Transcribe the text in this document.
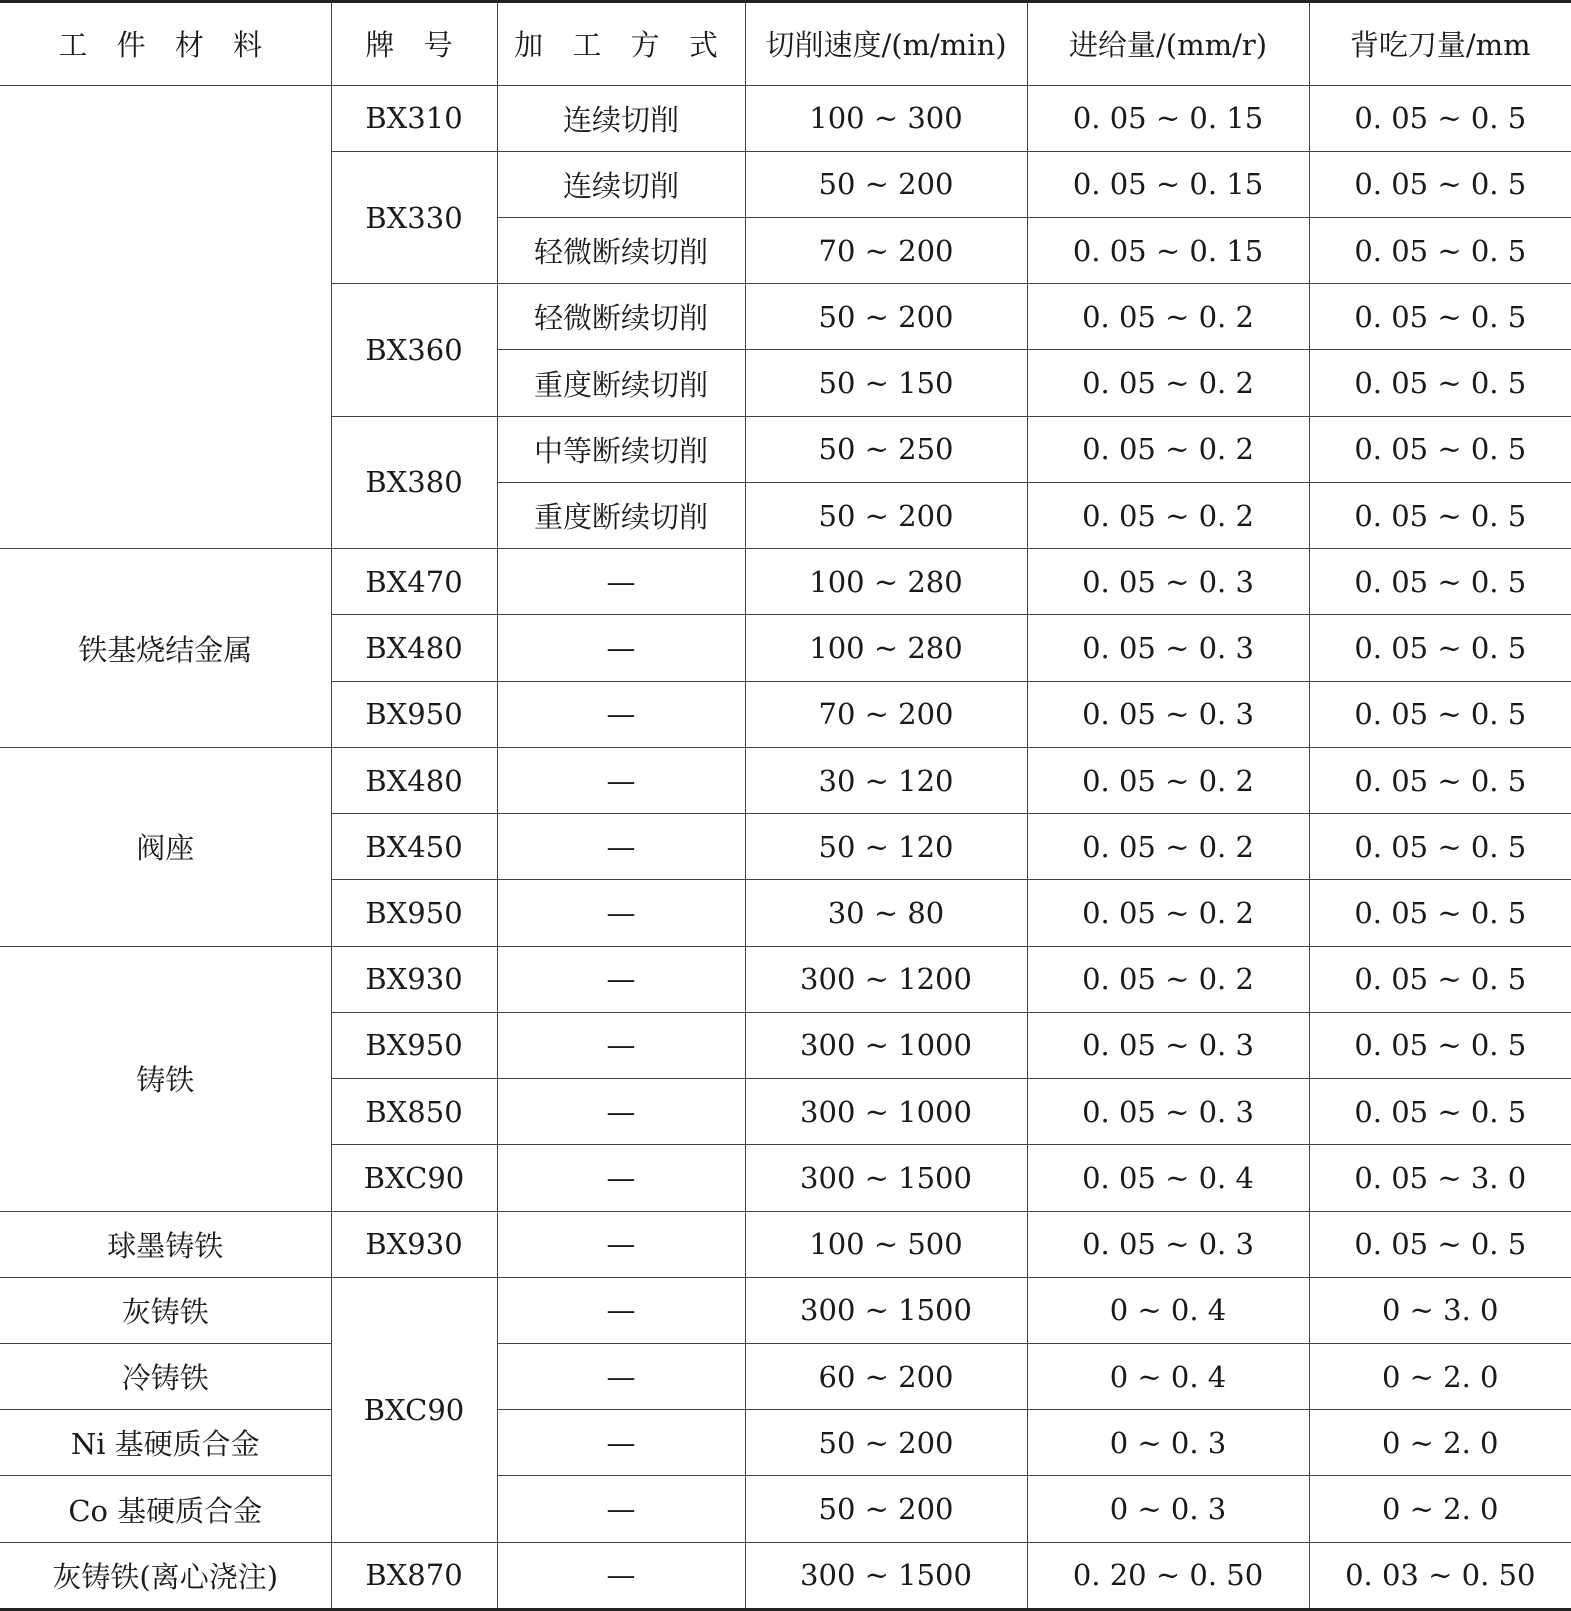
工 件 材 料	牌 号	加 工 方 式	切削速度/(m/min)	进给量/(mm/r)	背吃刀量/mm
	BX310	连续切削	100 ~ 300	0. 05 ~ 0. 15	0. 05 ~ 0. 5
	BX330	连续切削	50 ~ 200	0. 05 ~ 0. 15	0. 05 ~ 0. 5
		轻微断续切削	70 ~ 200	0. 05 ~ 0. 15	0. 05 ~ 0. 5
	BX360	轻微断续切削	50 ~ 200	0. 05 ~ 0. 2	0. 05 ~ 0. 5
		重度断续切削	50 ~ 150	0. 05 ~ 0. 2	0. 05 ~ 0. 5
	BX380	中等断续切削	50 ~ 250	0. 05 ~ 0. 2	0. 05 ~ 0. 5
		重度断续切削	50 ~ 200	0. 05 ~ 0. 2	0. 05 ~ 0. 5
铁基烧结金属	BX470	—	100 ~ 280	0. 05 ~ 0. 3	0. 05 ~ 0. 5
	BX480	—	100 ~ 280	0. 05 ~ 0. 3	0. 05 ~ 0. 5
	BX950	—	70 ~ 200	0. 05 ~ 0. 3	0. 05 ~ 0. 5
阀座	BX480	—	30 ~ 120	0. 05 ~ 0. 2	0. 05 ~ 0. 5
	BX450	—	50 ~ 120	0. 05 ~ 0. 2	0. 05 ~ 0. 5
	BX950	—	30 ~ 80	0. 05 ~ 0. 2	0. 05 ~ 0. 5
铸铁	BX930	—	300 ~ 1200	0. 05 ~ 0. 2	0. 05 ~ 0. 5
	BX950	—	300 ~ 1000	0. 05 ~ 0. 3	0. 05 ~ 0. 5
	BX850	—	300 ~ 1000	0. 05 ~ 0. 3	0. 05 ~ 0. 5
	BXC90	—	300 ~ 1500	0. 05 ~ 0. 4	0. 05 ~ 3. 0
球墨铸铁	BX930	—	100 ~ 500	0. 05 ~ 0. 3	0. 05 ~ 0. 5
灰铸铁	BXC90	—	300 ~ 1500	0 ~ 0. 4	0 ~ 3. 0
冷铸铁		—	60 ~ 200	0 ~ 0. 4	0 ~ 2. 0
Ni 基硬质合金		—	50 ~ 200	0 ~ 0. 3	0 ~ 2. 0
Co 基硬质合金		—	50 ~ 200	0 ~ 0. 3	0 ~ 2. 0
灰铸铁(离心浇注)	BX870	—	300 ~ 1500	0. 20 ~ 0. 50	0. 03 ~ 0. 50
